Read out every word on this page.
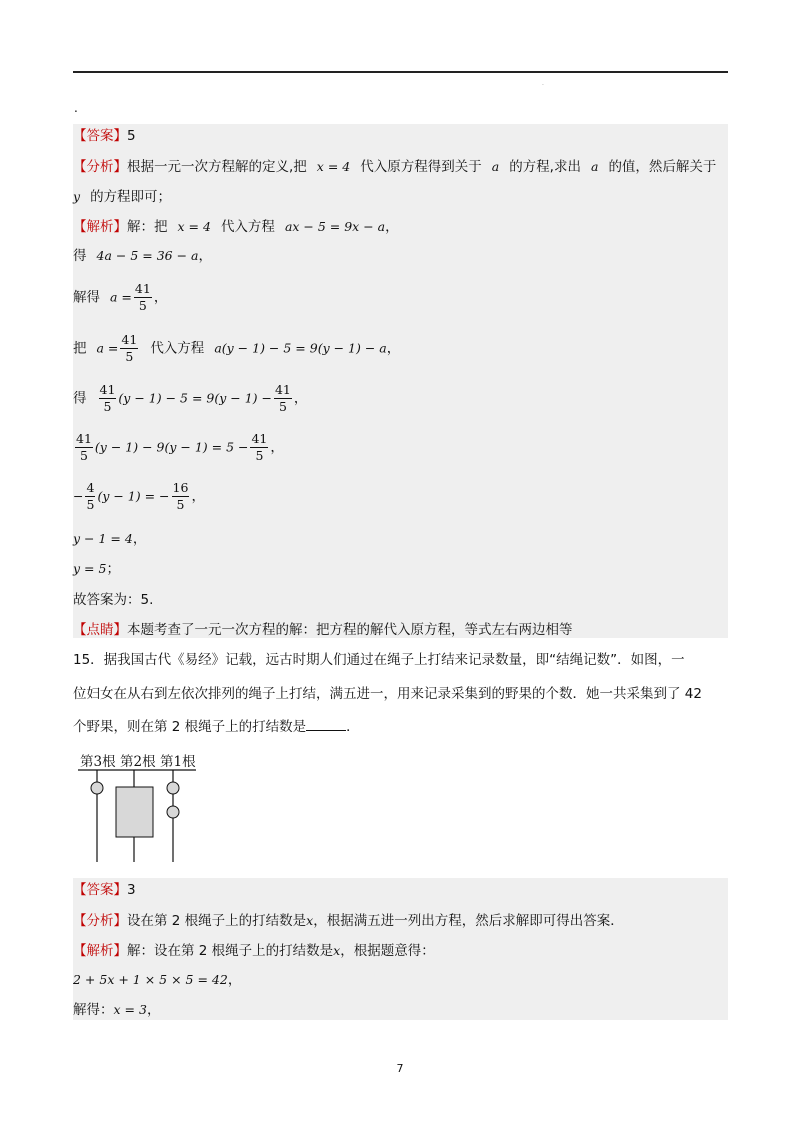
·
.
【答案】5
【分析】根据一元一次方程解的定义,把 x = 4 代入原方程得到关于 a 的方程,求出 a 的值，然后解关于
y 的方程即可；
【解析】解：把 x = 4 代入方程 ax − 5 = 9x − a，
得 4a − 5 = 36 − a，
解得 $a = \frac{41}{5}$ ，
把 $a = \frac{41}{5}$ 代入方程 a(y − 1) − 5 = 9(y − 1) − a，
得 $\frac{41}{5} (y - 1) - 5 = 9(y - 1) - \frac{41}{5}$ ，
$\frac{41}{5} (y - 1) - 9(y - 1) = 5 - \frac{41}{5}$ ，
− $\frac{4}{5} (y - 1)$ = − $\frac{16}{5}$ ，
y − 1 = 4，
y = 5；
故答案为：5.
【点睛】本题考查了一元一次方程的解：把方程的解代入原方程，等式左右两边相等
15．据我国古代《易经》记载，远古时期人们通过在绳子上打结来记录数量，即“结绳记数”．如图，一
位妇女在从右到左依次排列的绳子上打结，满五进一，用来记录采集到的野果的个数．她一共采集到了 42
个野果，则在第 2 根绳子上的打结数是	．
第3根 第2根 第1根
【答案】3
【分析】设在第 2 根绳子上的打结数是x，根据满五进一列出方程，然后求解即可得出答案．
【解析】解：设在第 2 根绳子上的打结数是x，根据题意得：
2 + 5x + 1 × 5 × 5 = 42，
解得：x = 3，
7
